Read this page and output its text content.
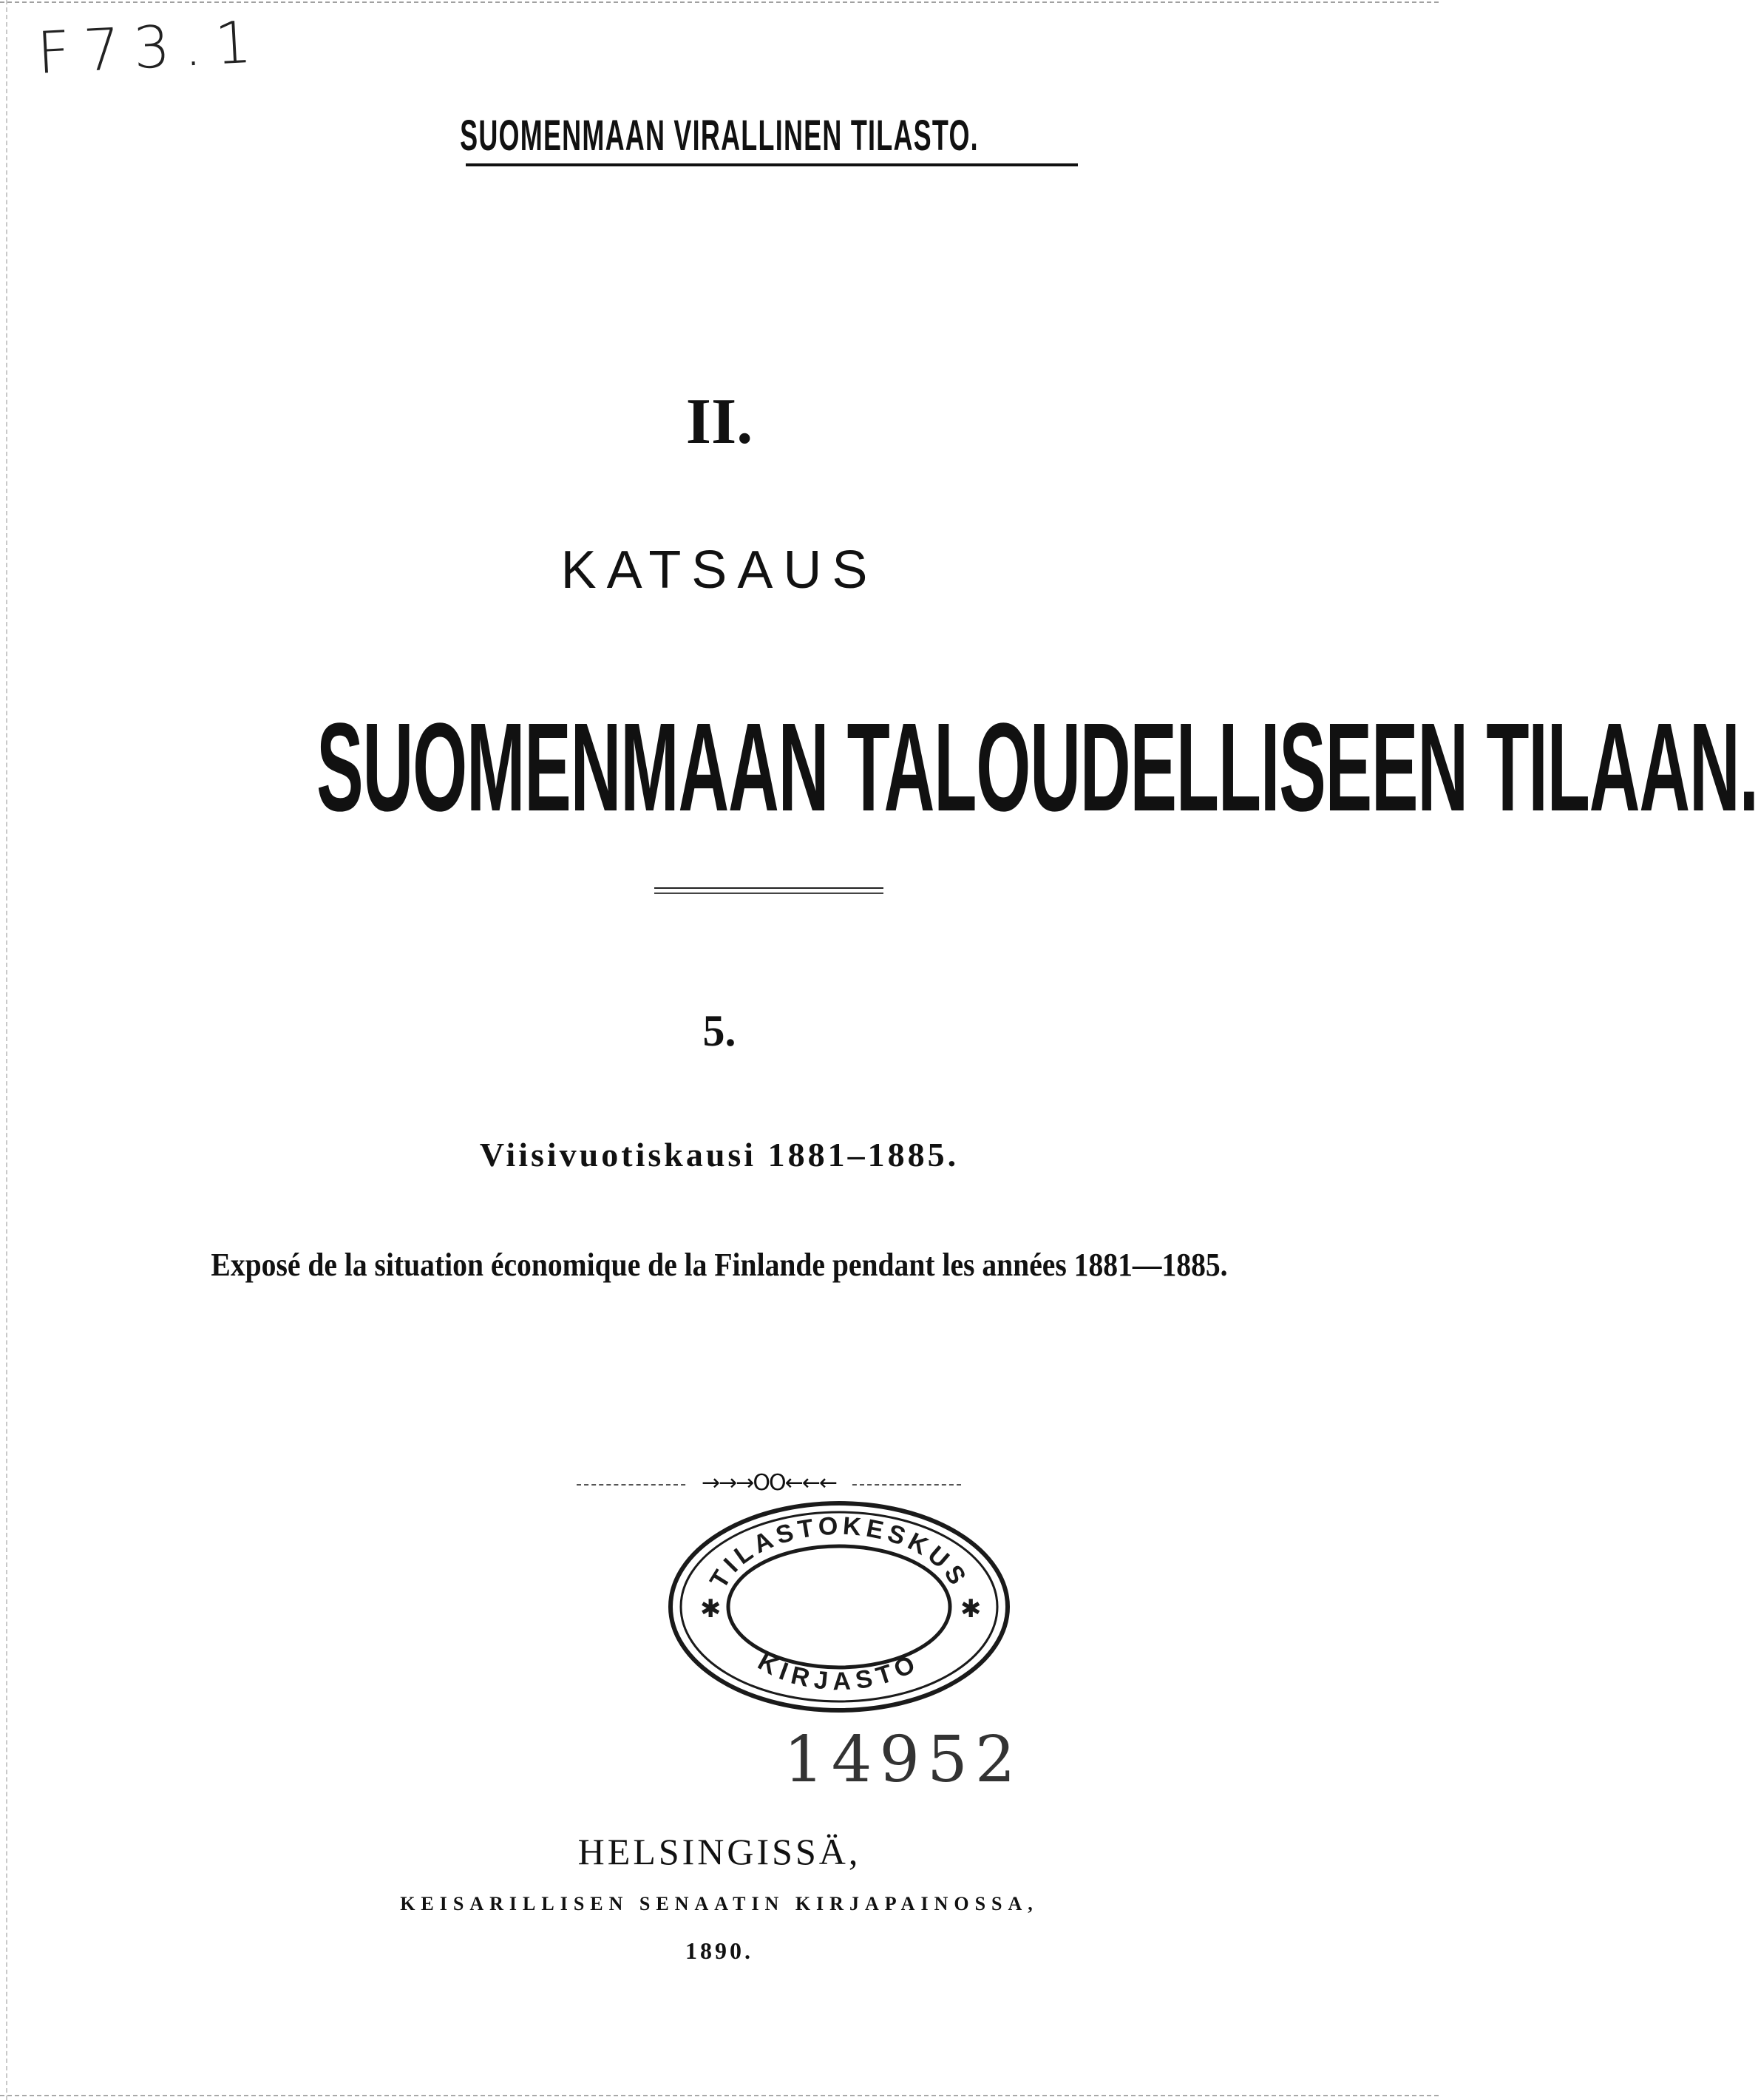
F73.1
SUOMENMAAN VIRALLINEN TILASTO.
II.
KATSAUS
SUOMENMAAN TALOUDELLISEEN TILAAN.
5.
Viisivuotiskausi 1881–1885.
Exposé de la situation économique de la Finlande pendant les années 1881—1885.
→→→OO←←←
TILASTOKESKUS
KIRJASTO
✱	✱
14952
HELSINGISSÄ,
KEISARILLISEN SENAATIN KIRJAPAINOSSA,
1890.
